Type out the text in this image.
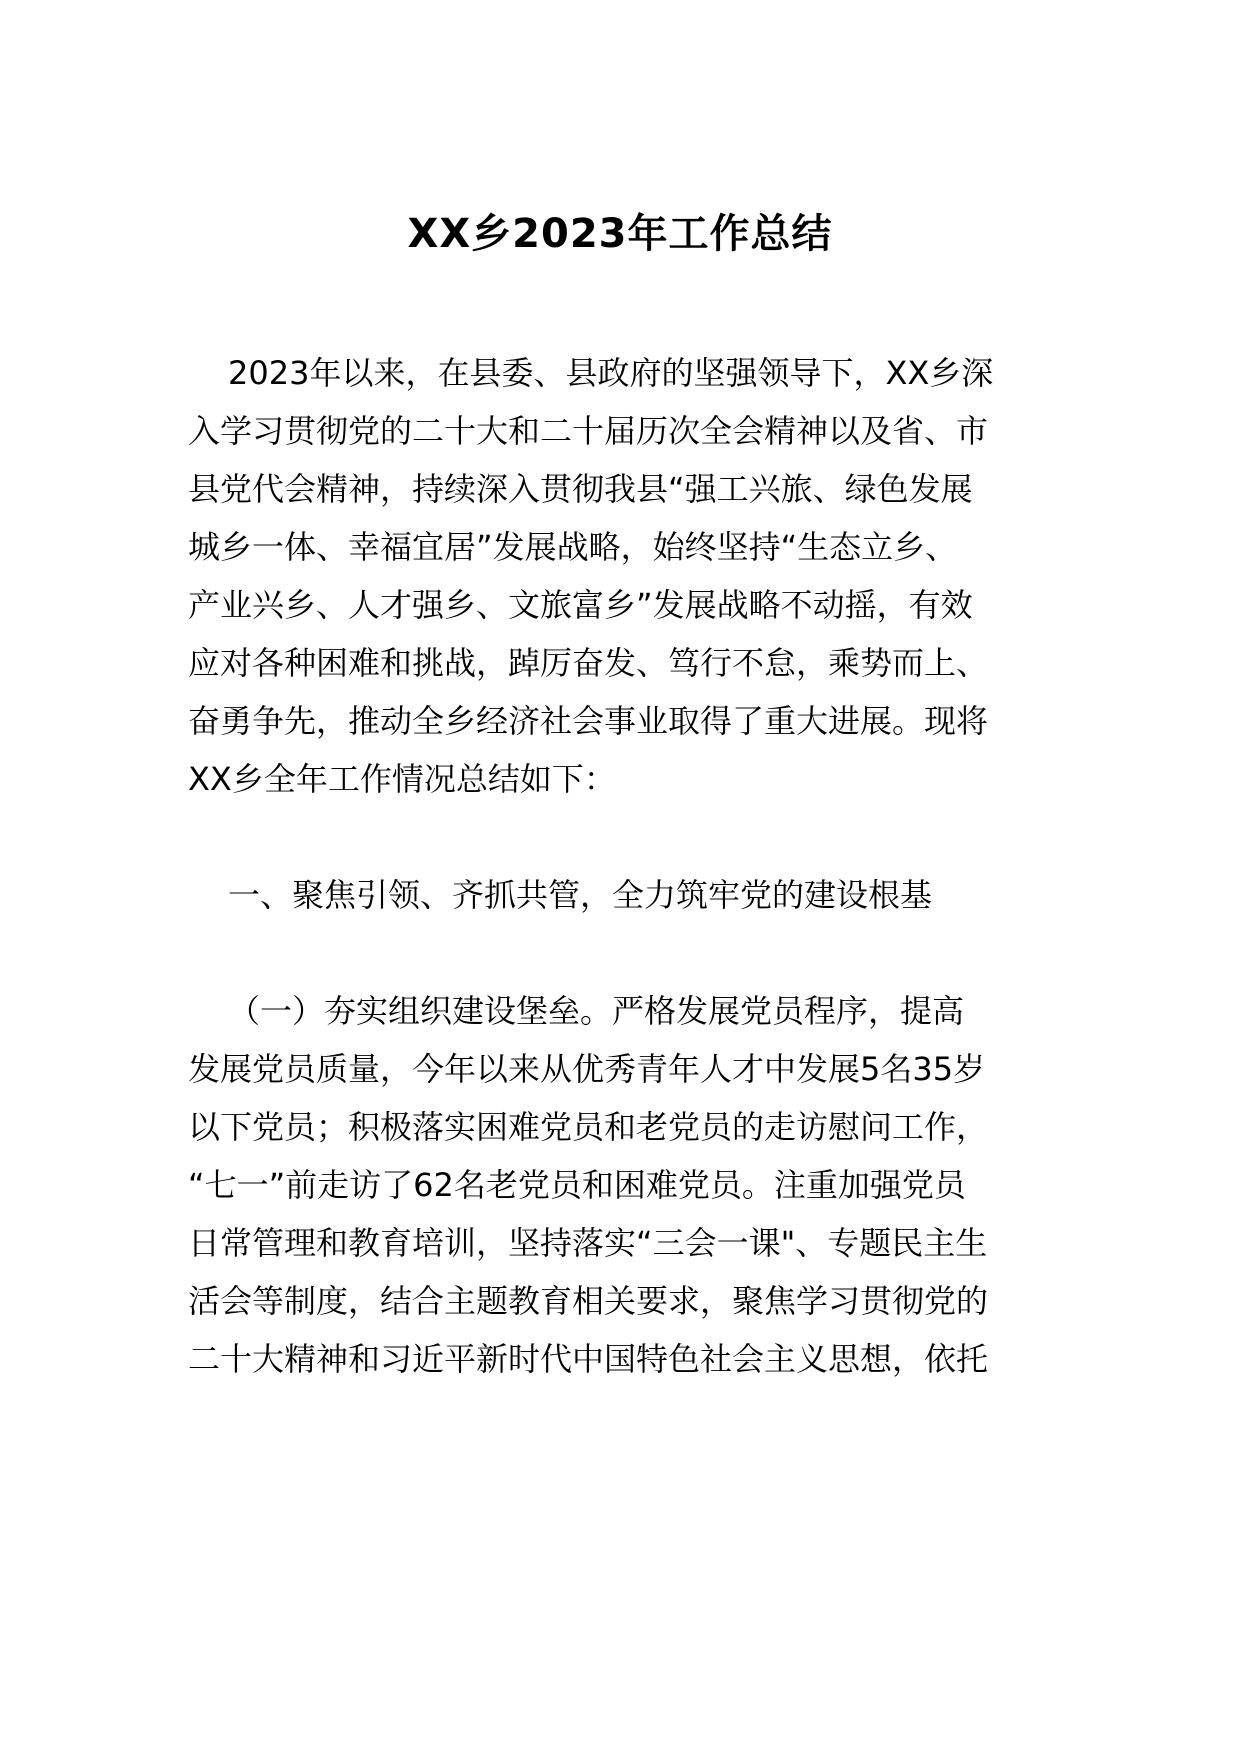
XX乡2023年工作总结
2023年以来，在县委、县政府的坚强领导下，XX乡深
入学习贯彻党的二十大和二十届历次全会精神以及省、市
县党代会精神，持续深入贯彻我县“强工兴旅、绿色发展
城乡一体、幸福宜居”发展战略，始终坚持“生态立乡、
产业兴乡、人才强乡、文旅富乡”发展战略不动摇，有效
应对各种困难和挑战，踔厉奋发、笃行不怠，乘势而上、
奋勇争先，推动全乡经济社会事业取得了重大进展。现将
XX乡全年工作情况总结如下：
一、聚焦引领、齐抓共管，全力筑牢党的建设根基
（一）夯实组织建设堡垒。严格发展党员程序，提高
发展党员质量，今年以来从优秀青年人才中发展5名35岁
以下党员；积极落实困难党员和老党员的走访慰问工作，
“七一”前走访了62名老党员和困难党员。注重加强党员
日常管理和教育培训，坚持落实“三会一课"、专题民主生
活会等制度，结合主题教育相关要求，聚焦学习贯彻党的
二十大精神和习近平新时代中国特色社会主义思想，依托
